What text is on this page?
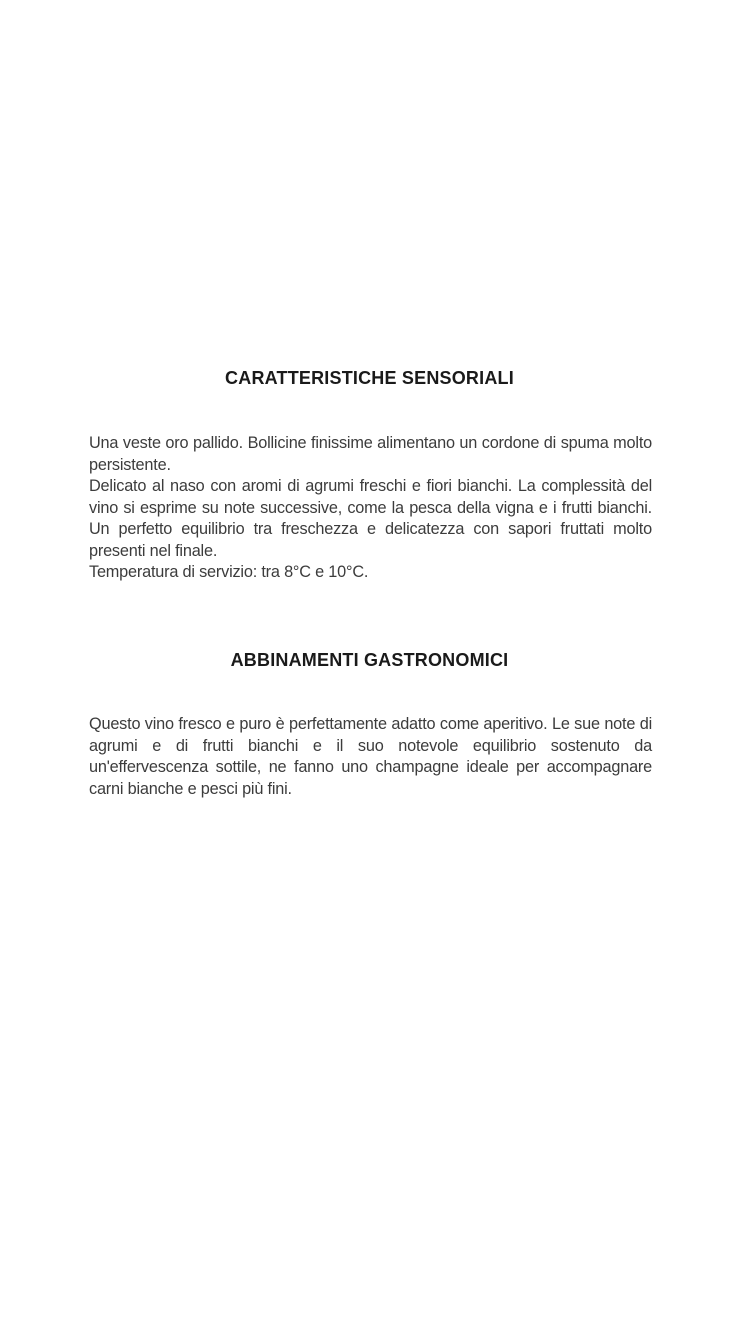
CARATTERISTICHE SENSORIALI

Una veste oro pallido. Bollicine finissime alimentano un cordone di spuma molto persistente.

Delicato al naso con aromi di agrumi freschi e fiori bianchi. La complessità del vino si esprime su note successive, come la pesca della vigna e i frutti bianchi. Un perfetto equilibrio tra freschezza e delicatezza con sapori fruttati molto presenti nel finale.

Temperatura di servizio: tra 8°C e 10°C.

ABBINAMENTI GASTRONOMICI

Questo vino fresco e puro è perfettamente adatto come aperitivo. Le sue note di agrumi e di frutti bianchi e il suo notevole equilibrio sostenuto da un'effervescenza sottile, ne fanno uno champagne ideale per accompagnare carni bianche e pesci più fini.
